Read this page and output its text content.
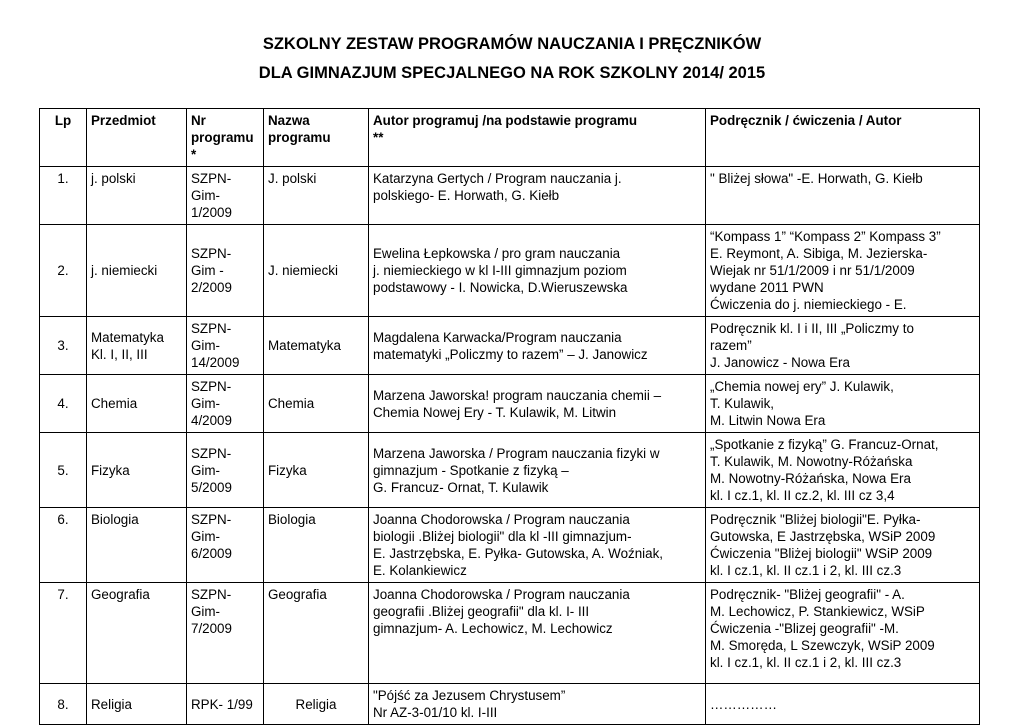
SZKOLNY ZESTAW PROGRAMÓW NAUCZANIA I PRĘCZNIKÓW
DLA GIMNAZJUM SPECJALNEGO NA ROK SZKOLNY 2014/ 2015
Lp	Przedmiot	Nr
programu
*	Nazwa
programu	Autor programuj /na podstawie programu
**	Podręcznik / ćwiczenia / Autor
1.	j. polski	SZPN-
Gim-
1/2009	J. polski	Katarzyna Gertych / Program nauczania j.
polskiego- E. Horwath, G. Kiełb	" Bliżej słowa" -E. Horwath, G. Kiełb
2.	j. niemiecki	SZPN-
Gim -
2/2009	J. niemiecki	Ewelina Łepkowska / pro gram nauczania
j. niemieckiego w kl I-III gimnazjum poziom
podstawowy - I. Nowicka, D.Wieruszewska	“Kompass 1” “Kompass 2” Kompass 3”
E. Reymont, A. Sibiga, M. Jezierska-
Wiejak nr 51/1/2009 i nr 51/1/2009
wydane 2011 PWN
Ćwiczenia do j. niemieckiego - E.
3.	Matematyka
Kl. I, II, III	SZPN-
Gim-
14/2009	Matematyka	Magdalena Karwacka/Program nauczania
matematyki „Policzmy to razem” – J. Janowicz	Podręcznik kl. I i II, III „Policzmy to
razem”
J. Janowicz - Nowa Era
4.	Chemia	SZPN-
Gim-
4/2009	Chemia	Marzena Jaworska! program nauczania chemii –
Chemia Nowej Ery - T. Kulawik, M. Litwin	„Chemia nowej ery” J. Kulawik,
T. Kulawik,
M. Litwin Nowa Era
5.	Fizyka	SZPN-
Gim-
5/2009	Fizyka	Marzena Jaworska / Program nauczania fizyki w
gimnazjum - Spotkanie z fizyką –
G. Francuz- Ornat, T. Kulawik	„Spotkanie z fizyką” G. Francuz-Ornat,
T. Kulawik, M. Nowotny-Różańska
M. Nowotny-Różańska, Nowa Era
kl. I cz.1, kl. II cz.2, kl. III cz 3,4
6.	Biologia	SZPN-
Gim-
6/2009	Biologia	Joanna Chodorowska / Program nauczania
biologii .Bliżej biologii" dla kl -III gimnazjum-
E. Jastrzębska, E. Pyłka- Gutowska, A. Woźniak,
E. Kolankiewicz	Podręcznik "Bliżej biologii"E. Pyłka-
Gutowska, E Jastrzębska, WSiP 2009
Ćwiczenia "Bliżej biologii" WSiP 2009
kl. I cz.1, kl. II cz.1 i 2, kl. III cz.3
7.	Geografia	SZPN-
Gim-
7/2009	Geografia	Joanna Chodorowska / Program nauczania
geografii .Bliżej geografii" dla kl. I- III
gimnazjum- A. Lechowicz, M. Lechowicz	Podręcznik- "Bliżej geografii" - A.
M. Lechowicz, P. Stankiewicz, WSiP
Ćwiczenia -"Blizej geografii" -M.
M. Smoręda, L Szewczyk, WSiP 2009
kl. I cz.1, kl. II cz.1 i 2, kl. III cz.3
8.	Religia	RPK- 1/99	Religia	"Pójść za Jezusem Chrystusem”
Nr AZ-3-01/10 kl. I-III	……………
